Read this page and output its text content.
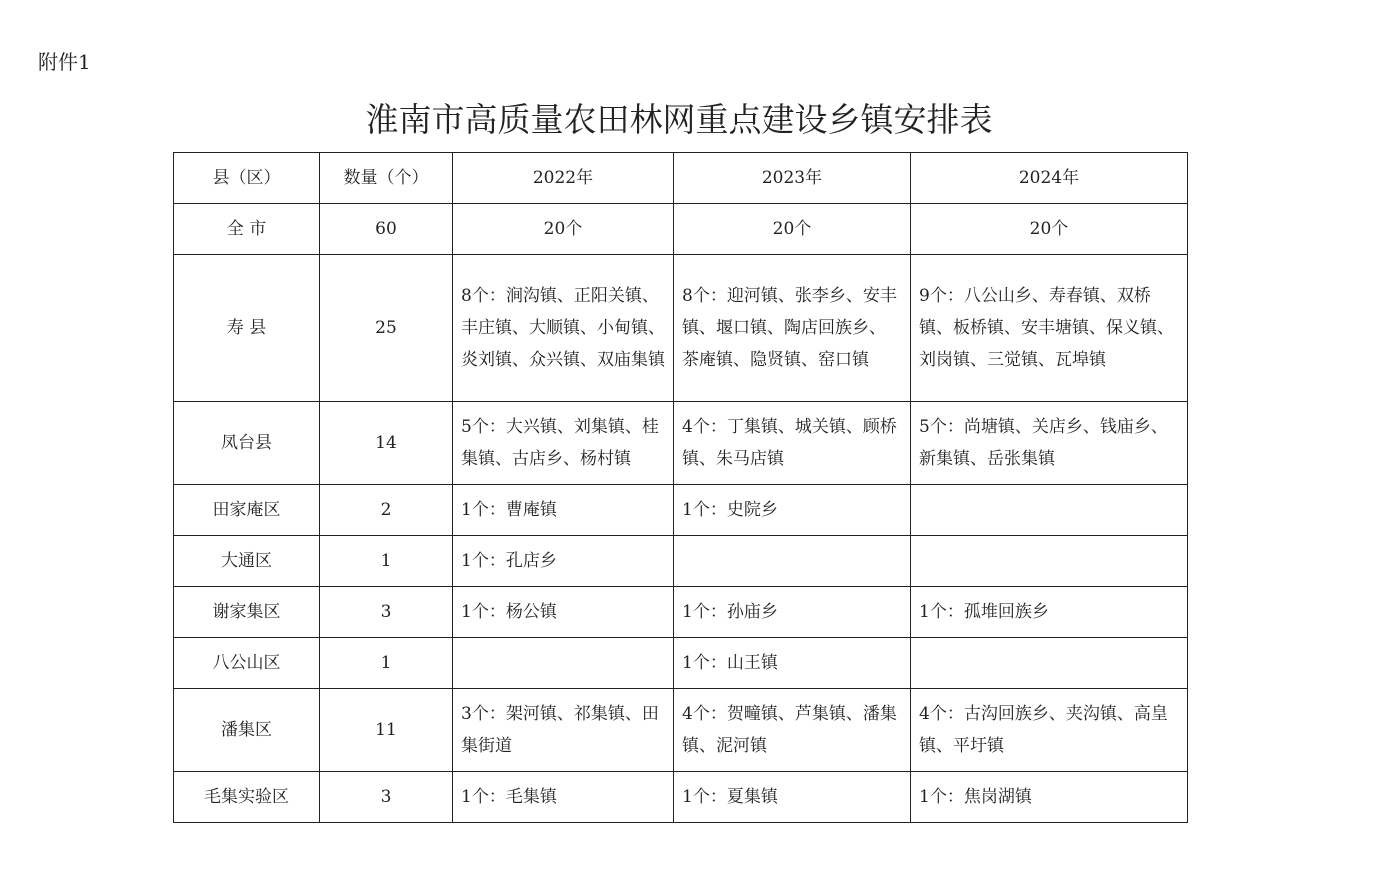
附件1
淮南市高质量农田林网重点建设乡镇安排表
县（区）	数量（个）	2022年	2023年	2024年
全 市	60	20个	20个	20个
寿 县	25	8个：涧沟镇、正阳关镇、丰庄镇、大顺镇、小甸镇、炎刘镇、众兴镇、双庙集镇	8个：迎河镇、张李乡、安丰镇、堰口镇、陶店回族乡、茶庵镇、隐贤镇、窑口镇	9个：八公山乡、寿春镇、双桥镇、板桥镇、安丰塘镇、保义镇、刘岗镇、三觉镇、瓦埠镇
凤台县	14	5个：大兴镇、刘集镇、桂集镇、古店乡、杨村镇	4个：丁集镇、城关镇、顾桥镇、朱马店镇	5个：尚塘镇、关店乡、钱庙乡、新集镇、岳张集镇
田家庵区	2	1个：曹庵镇	1个：史院乡	
大通区	1	1个：孔店乡		
谢家集区	3	1个：杨公镇	1个：孙庙乡	1个：孤堆回族乡
八公山区	1		1个：山王镇	
潘集区	11	3个：架河镇、祁集镇、田集街道	4个：贺疃镇、芦集镇、潘集镇、泥河镇	4个：古沟回族乡、夹沟镇、高皇镇、平圩镇
毛集实验区	3	1个：毛集镇	1个：夏集镇	1个：焦岗湖镇
